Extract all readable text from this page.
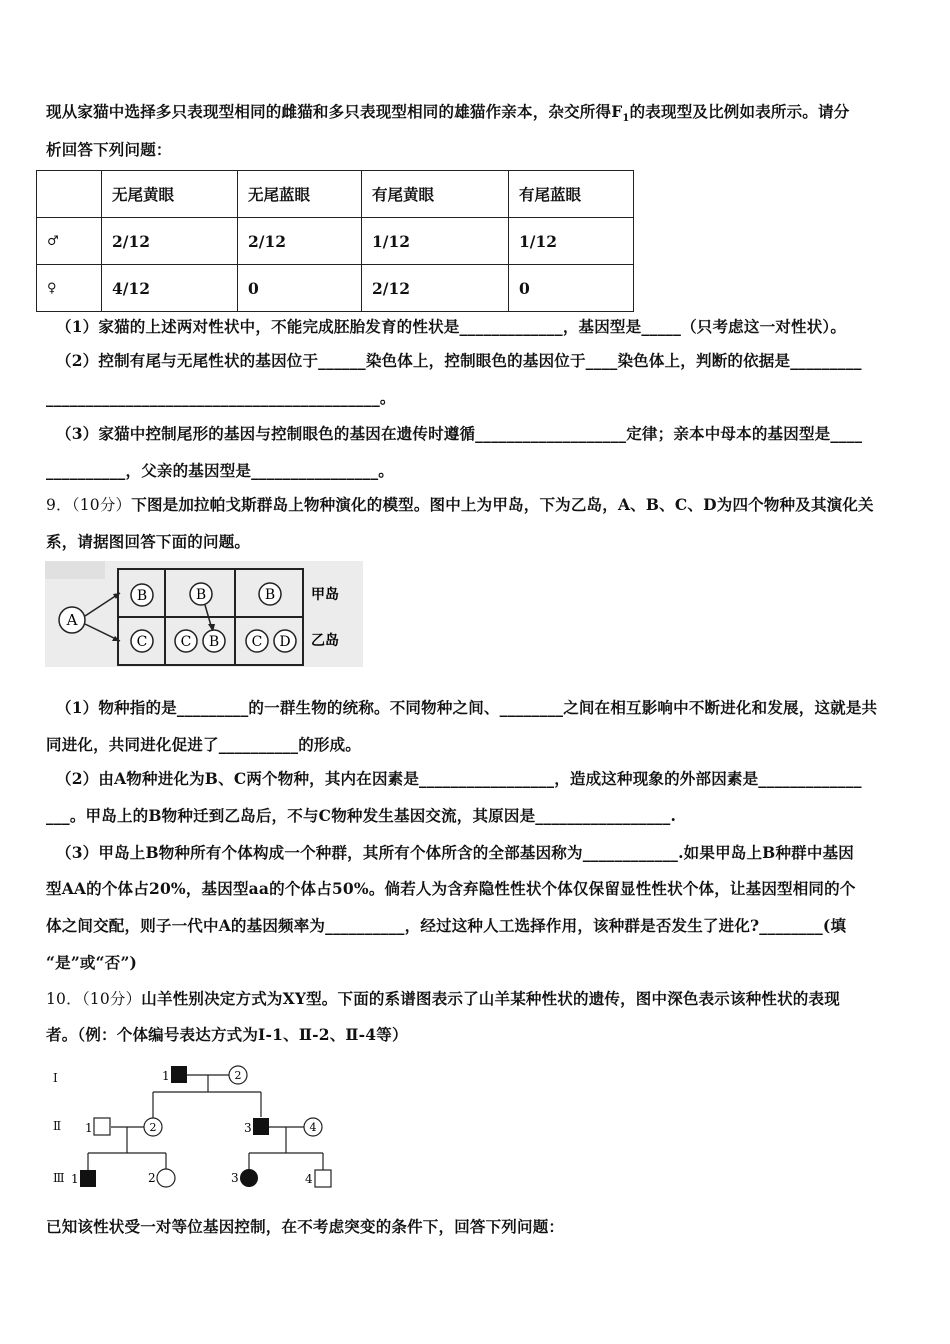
现从家猫中选择多只表现型相同的雌猫和多只表现型相同的雄猫作亲本，杂交所得$F_1$的表现型及比例如表所示。请分
析回答下列问题：
	无尾黄眼	无尾蓝眼	有尾黄眼	有尾蓝眼
♂	2/12	2/12	1/12	1/12
♀	4/12	0	2/12	0
（1）家猫的上述两对性状中，不能完成胚胎发育的性状是_____________，基因型是_____（只考虑这一对性状）。
（2）控制有尾与无尾性状的基因位于______染色体上，控制眼色的基因位于____染色体上，判断的依据是_________
__________________________________________。
（3）家猫中控制尾形的基因与控制眼色的基因在遗传时遵循___________________定律；亲本中母本的基因型是____
__________，父亲的基因型是________________。
9．（10分）下图是加拉帕戈斯群岛上物种演化的模型。图中上为甲岛，下为乙岛，A、B、C、D为四个物种及其演化关
系，请据图回答下面的问题。
A
B	B	B
C C B C D
甲岛
乙岛
（1）物种指的是_________的一群生物的统称。不同物种之间、________之间在相互影响中不断进化和发展，这就是共
同进化，共同进化促进了__________的形成。
（2）由A物种进化为B、C两个物种，其内在因素是_________________，造成这种现象的外部因素是_____________
___。甲岛上的B物种迁到乙岛后，不与C物种发生基因交流，其原因是_________________.
（3）甲岛上B物种所有个体构成一个种群，其所有个体所含的全部基因称为____________.如果甲岛上B种群中基因
型AA的个体占20%，基因型aa的个体占50%。倘若人为含弃隐性性状个体仅保留显性性状个体，让基因型相同的个
体之间交配，则子一代中A的基因频率为__________，经过这种人工选择作用，该种群是否发生了进化?________(填
“是”或“否”)
10．（10分）山羊性别决定方式为XY型。下面的系谱图表示了山羊某种性状的遗传，图中深色表示该种性状的表现
者。（例：个体编号表达方式为Ⅰ-1、Ⅱ-2、Ⅱ-4等）
Ⅰ
Ⅱ
Ⅲ
1	2
1	2	3	4
1	2	3	4
已知该性状受一对等位基因控制，在不考虑突变的条件下，回答下列问题：
